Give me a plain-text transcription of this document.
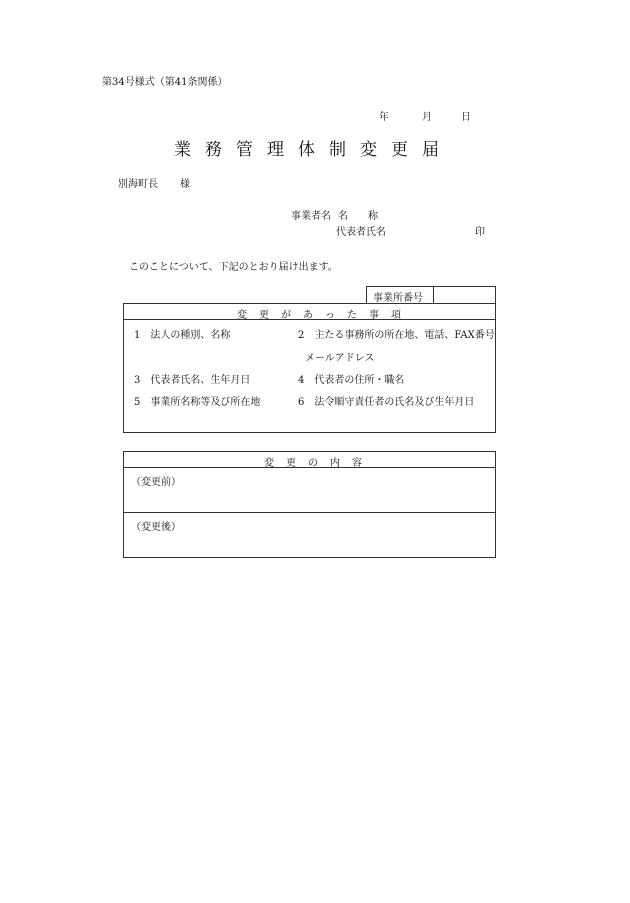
第34号様式（第41条関係）
年	月	日
業 務 管 理 体 制 変 更 届
別海町長 様
事業者名 名　　称
代表者氏名	印
このことについて、下記のとおり届け出ます。
事業所番号
変 更 が あ っ た 事 項
1　法人の種別、名称	2　主たる事務所の所在地、電話、FAX番号
メールアドレス
3　代表者氏名、生年月日	4　代表者の住所・職名
5　事業所名称等及び所在地	6　法令順守責任者の氏名及び生年月日
変 更 の 内 容
（変更前）
（変更後）
